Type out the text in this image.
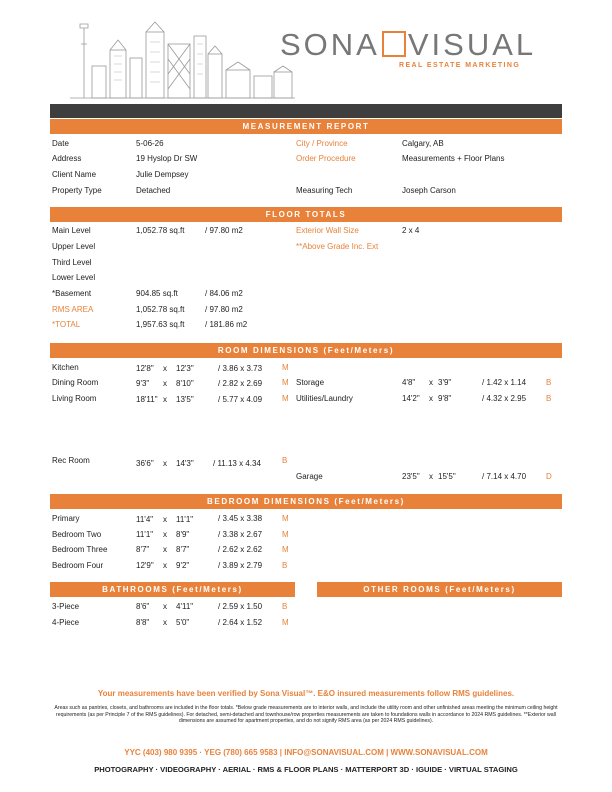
SONA VISUAL
REAL ESTATE MARKETING
MEASUREMENT REPORT
Date	5-06-26
Address	19 Hyslop Dr SW
Client Name	Julie Dempsey
Property Type	Detached
City / Province	Calgary, AB
Order Procedure	Measurements + Floor Plans
Measuring Tech	Joseph Carson
FLOOR TOTALS
Main Level	1,052.78 sq.ft	/ 97.80 m2
Upper Level
Third Level
Lower Level
*Basement	904.85 sq.ft	/ 84.06 m2
RMS AREA	1,052.78 sq.ft	/ 97.80 m2
*TOTAL	1,957.63 sq.ft	/ 181.86 m2
Exterior Wall Size	2 x 4
**Above Grade Inc. Ext
ROOM DIMENSIONS (Feet/Meters)
Kitchen	12'8" x 12'3"	/ 3.86 x 3.73 M
Dining Room	9'3" x 8'10"	/ 2.82 x 2.69 M
Living Room	18'11" x 13'5"	/ 5.77 x 4.09 M
Rec Room	36'6" x 14'3" / 11.13 x 4.34	B
Storage	4'8" x 3'9"	/ 1.42 x 1.14 B
Utilities/Laundry	14'2" x 9'8"	/ 4.32 x 2.95 B
Garage	23'5" x 15'5"	/ 7.14 x 4.70 D
BEDROOM DIMENSIONS (Feet/Meters)
Primary	11'4" x 11'1"	/ 3.45 x 3.38 M
Bedroom Two	11'1" x 8'9"	/ 3.38 x 2.67 M
Bedroom Three	8'7" x 8'7"	/ 2.62 x 2.62 M
Bedroom Four	12'9" x 9'2"	/ 3.89 x 2.79 B
BATHROOMS (Feet/Meters)	OTHER ROOMS (Feet/Meters)
3-Piece	8'6" x 4'11"	/ 2.59 x 1.50 B
4-Piece	8'8" x 5'0"	/ 2.64 x 1.52 M
Your measurements have been verified by Sona Visual™. E&O insured measurements follow RMS guidelines.
Areas such as pantries, closets, and bathrooms are included in the floor totals. *Below grade measurements are to interior walls, and include the utility room and other unfinished areas meeting the minimum ceiling height requirements (as per Principle 7 of the RMS guidelines). For detached, semi-detached and townhouse/row properties measurements are taken to foundations walls in accordance to 2024 RMS guidelines. **Exterior wall dimensions are assumed for apartment properties, and do not signify RMS area (as per 2024 RMS guidelines).
YYC (403) 980 9395 · YEG (780) 665 9583 | INFO@SONAVISUAL.COM | WWW.SONAVISUAL.COM
PHOTOGRAPHY · VIDEOGRAPHY · AERIAL · RMS & FLOOR PLANS · MATTERPORT 3D · IGUIDE · VIRTUAL STAGING
